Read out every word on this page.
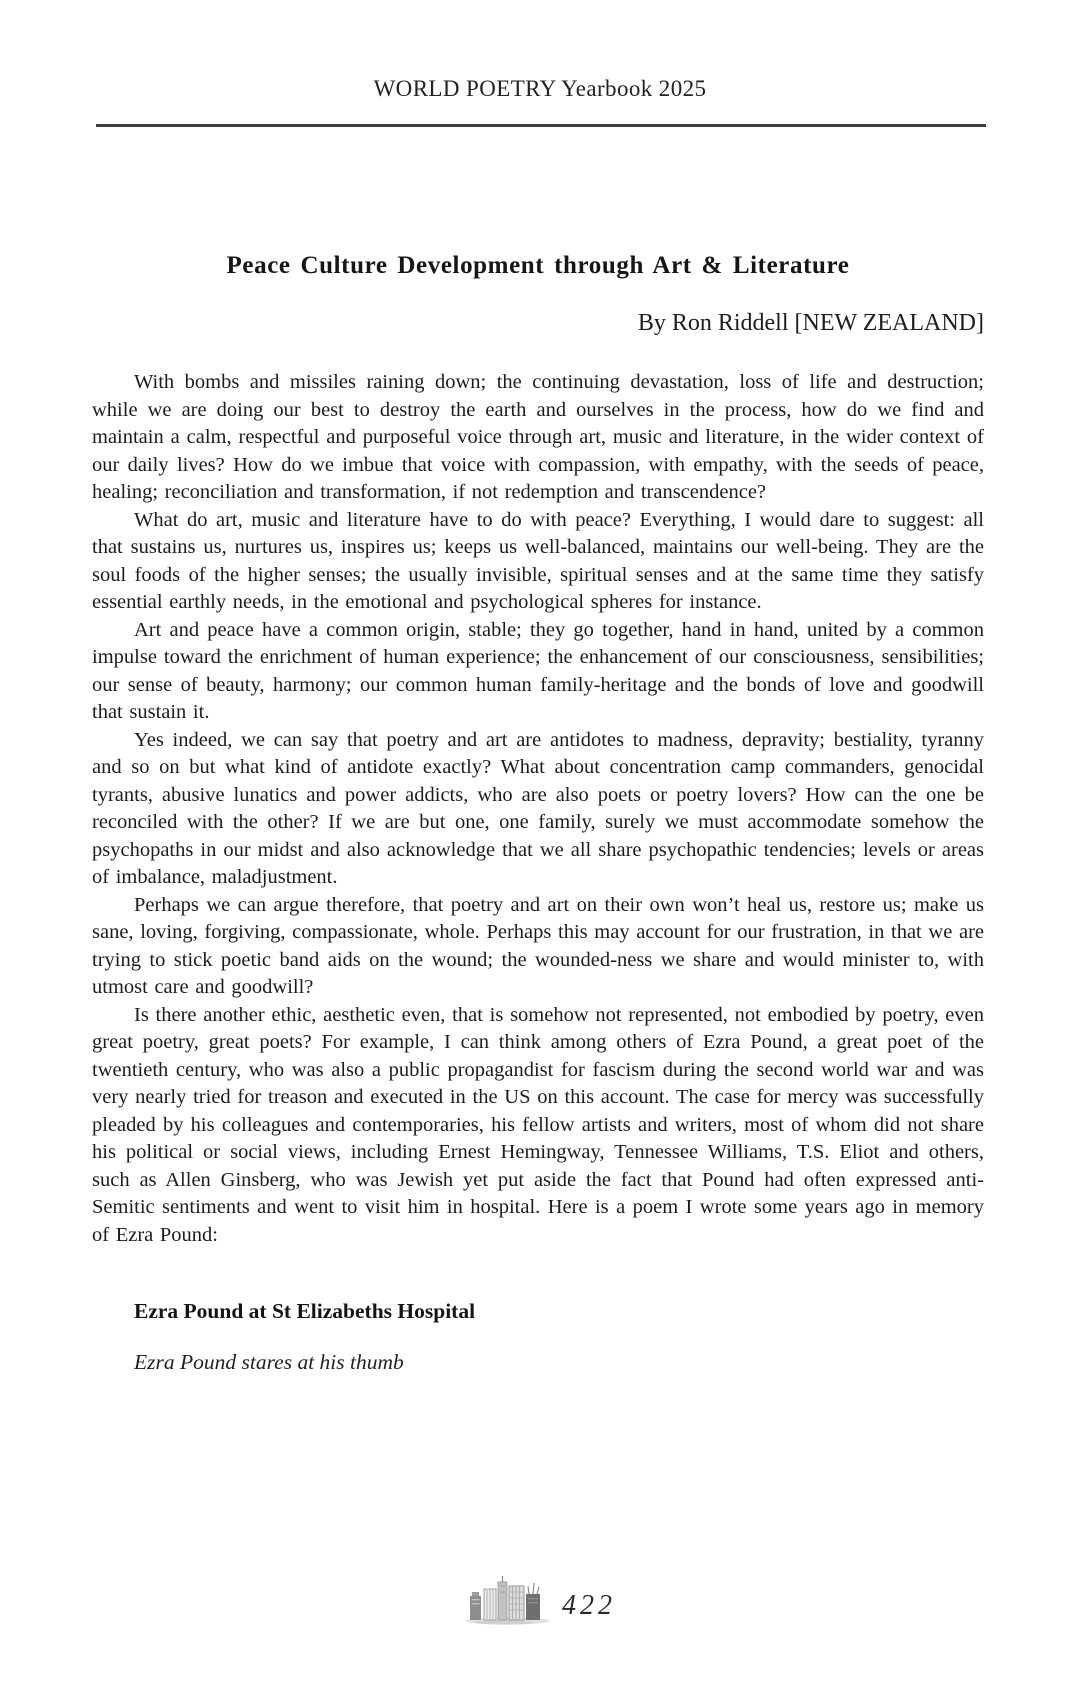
WORLD POETRY Yearbook 2025
Peace Culture Development through Art & Literature
By Ron Riddell [NEW ZEALAND]

With bombs and missiles raining down; the continuing devastation, loss of life and destruction; while we are doing our best to destroy the earth and ourselves in the process, how do we find and maintain a calm, respectful and purposeful voice through art, music and literature, in the wider context of our daily lives? How do we imbue that voice with compassion, with empathy, with the seeds of peace, healing; reconciliation and transformation, if not redemption and transcendence?

What do art, music and literature have to do with peace? Everything, I would dare to suggest: all that sustains us, nurtures us, inspires us; keeps us well-balanced, maintains our well-being. They are the soul foods of the higher senses; the usually invisible, spiritual senses and at the same time they satisfy essential earthly needs, in the emotional and psychological spheres for instance.

Art and peace have a common origin, stable; they go together, hand in hand, united by a common impulse toward the enrichment of human experience; the enhancement of our consciousness, sensibilities; our sense of beauty, harmony; our common human family-heritage and the bonds of love and goodwill that sustain it.

Yes indeed, we can say that poetry and art are antidotes to madness, depravity; bestiality, tyranny and so on but what kind of antidote exactly? What about concentration camp commanders, genocidal tyrants, abusive lunatics and power addicts, who are also poets or poetry lovers? How can the one be reconciled with the other? If we are but one, one family, surely we must accommodate somehow the psychopaths in our midst and also acknowledge that we all share psychopathic tendencies; levels or areas of imbalance, maladjustment.

Perhaps we can argue therefore, that poetry and art on their own won’t heal us, restore us; make us sane, loving, forgiving, compassionate, whole. Perhaps this may account for our frustration, in that we are trying to stick poetic band aids on the wound; the wounded-ness we share and would minister to, with utmost care and goodwill?

Is there another ethic, aesthetic even, that is somehow not represented, not embodied by poetry, even great poetry, great poets? For example, I can think among others of Ezra Pound, a great poet of the twentieth century, who was also a public propagandist for fascism during the second world war and was very nearly tried for treason and executed in the US on this account. The case for mercy was successfully pleaded by his colleagues and contemporaries, his fellow artists and writers, most of whom did not share his political or social views, including Ernest Hemingway, Tennessee Williams, T.S. Eliot and others, such as Allen Ginsberg, who was Jewish yet put aside the fact that Pound had often expressed anti-Semitic sentiments and went to visit him in hospital. Here is a poem I wrote some years ago in memory of Ezra Pound:

Ezra Pound at St Elizabeths Hospital

Ezra Pound stares at his thumb

422
